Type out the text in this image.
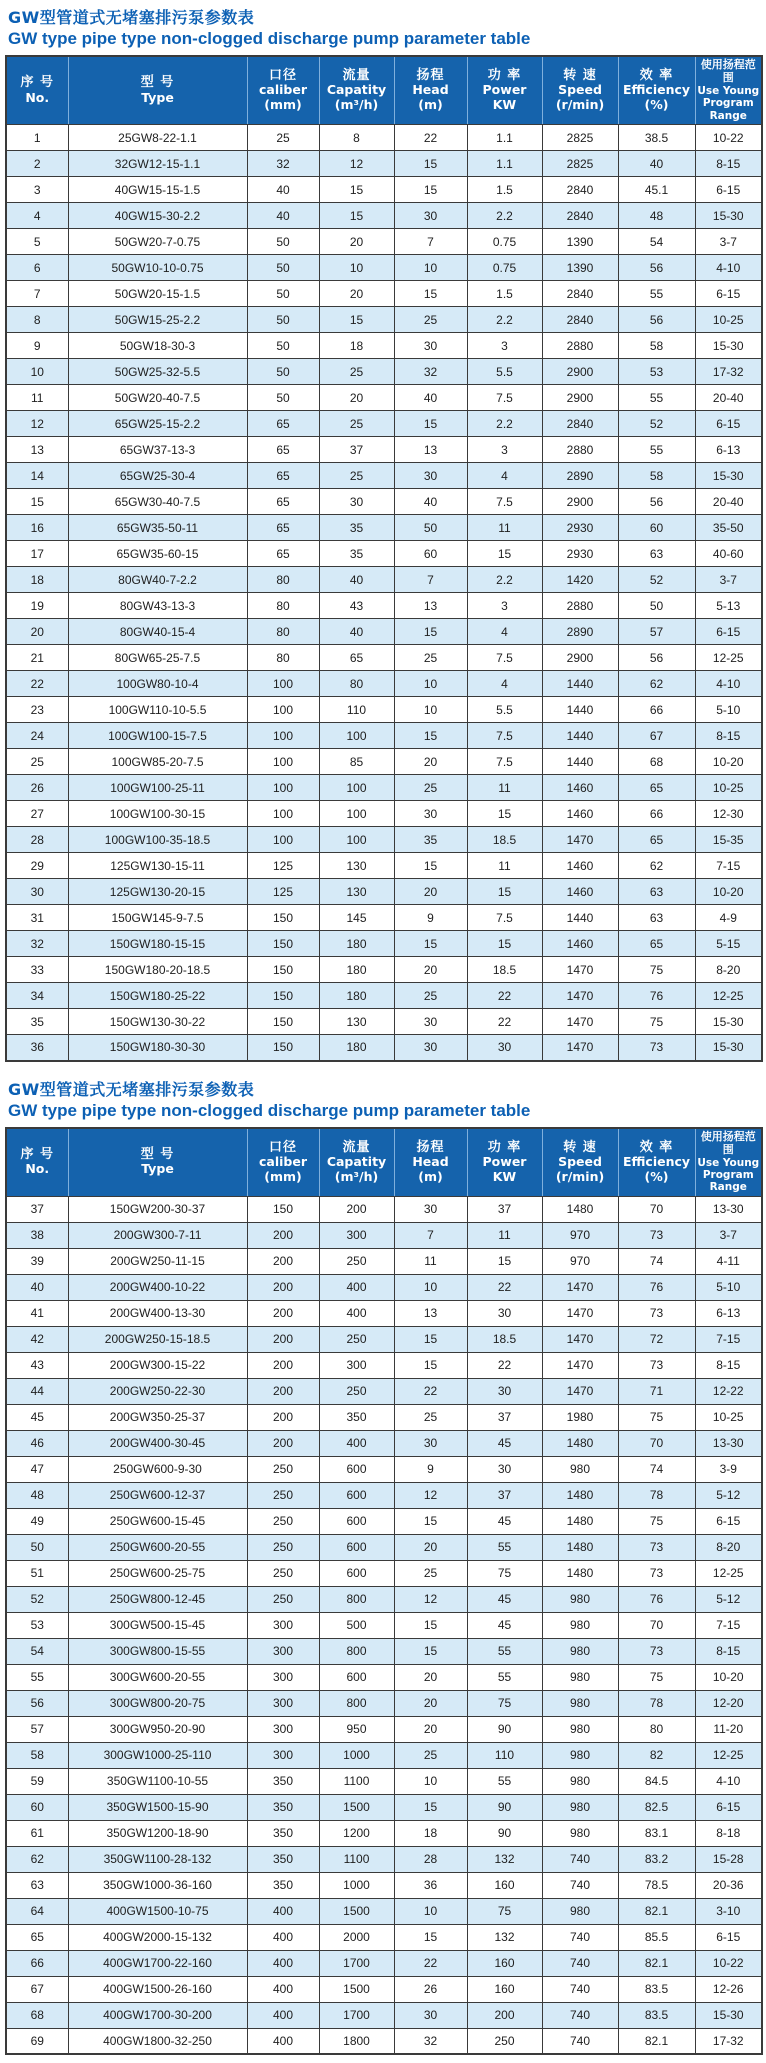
GW型管道式无堵塞排污泵参数表
GW type pipe type non-clogged discharge pump parameter table
序 号
No.

型 号
Type

口径
caliber
(mm)

流量
Capatity
(m³/h)

扬程
Head
(m)

功 率
Power
KW

转 速
Speed
(r/min)

效 率
Efficiency
(%)

使用扬程范围
Use Young
Program Range

1	25GW8-22-1.1	25	8	22	1.1	2825	38.5	10-22
2	32GW12-15-1.1	32	12	15	1.1	2825	40	8-15
3	40GW15-15-1.5	40	15	15	1.5	2840	45.1	6-15
4	40GW15-30-2.2	40	15	30	2.2	2840	48	15-30
5	50GW20-7-0.75	50	20	7	0.75	1390	54	3-7
6	50GW10-10-0.75	50	10	10	0.75	1390	56	4-10
7	50GW20-15-1.5	50	20	15	1.5	2840	55	6-15
8	50GW15-25-2.2	50	15	25	2.2	2840	56	10-25
9	50GW18-30-3	50	18	30	3	2880	58	15-30
10	50GW25-32-5.5	50	25	32	5.5	2900	53	17-32
11	50GW20-40-7.5	50	20	40	7.5	2900	55	20-40
12	65GW25-15-2.2	65	25	15	2.2	2840	52	6-15
13	65GW37-13-3	65	37	13	3	2880	55	6-13
14	65GW25-30-4	65	25	30	4	2890	58	15-30
15	65GW30-40-7.5	65	30	40	7.5	2900	56	20-40
16	65GW35-50-11	65	35	50	11	2930	60	35-50
17	65GW35-60-15	65	35	60	15	2930	63	40-60
18	80GW40-7-2.2	80	40	7	2.2	1420	52	3-7
19	80GW43-13-3	80	43	13	3	2880	50	5-13
20	80GW40-15-4	80	40	15	4	2890	57	6-15
21	80GW65-25-7.5	80	65	25	7.5	2900	56	12-25
22	100GW80-10-4	100	80	10	4	1440	62	4-10
23	100GW110-10-5.5	100	110	10	5.5	1440	66	5-10
24	100GW100-15-7.5	100	100	15	7.5	1440	67	8-15
25	100GW85-20-7.5	100	85	20	7.5	1440	68	10-20
26	100GW100-25-11	100	100	25	11	1460	65	10-25
27	100GW100-30-15	100	100	30	15	1460	66	12-30
28	100GW100-35-18.5	100	100	35	18.5	1470	65	15-35
29	125GW130-15-11	125	130	15	11	1460	62	7-15
30	125GW130-20-15	125	130	20	15	1460	63	10-20
31	150GW145-9-7.5	150	145	9	7.5	1440	63	4-9
32	150GW180-15-15	150	180	15	15	1460	65	5-15
33	150GW180-20-18.5	150	180	20	18.5	1470	75	8-20
34	150GW180-25-22	150	180	25	22	1470	76	12-25
35	150GW130-30-22	150	130	30	22	1470	75	15-30
36	150GW180-30-30	150	180	30	30	1470	73	15-30
GW型管道式无堵塞排污泵参数表
GW type pipe type non-clogged discharge pump parameter table
序 号
No.

型 号
Type

口径
caliber
(mm)

流量
Capatity
(m³/h)

扬程
Head
(m)

功 率
Power
KW

转 速
Speed
(r/min)

效 率
Efficiency
(%)

使用扬程范围
Use Young
Program Range

37	150GW200-30-37	150	200	30	37	1480	70	13-30
38	200GW300-7-11	200	300	7	11	970	73	3-7
39	200GW250-11-15	200	250	11	15	970	74	4-11
40	200GW400-10-22	200	400	10	22	1470	76	5-10
41	200GW400-13-30	200	400	13	30	1470	73	6-13
42	200GW250-15-18.5	200	250	15	18.5	1470	72	7-15
43	200GW300-15-22	200	300	15	22	1470	73	8-15
44	200GW250-22-30	200	250	22	30	1470	71	12-22
45	200GW350-25-37	200	350	25	37	1980	75	10-25
46	200GW400-30-45	200	400	30	45	1480	70	13-30
47	250GW600-9-30	250	600	9	30	980	74	3-9
48	250GW600-12-37	250	600	12	37	1480	78	5-12
49	250GW600-15-45	250	600	15	45	1480	75	6-15
50	250GW600-20-55	250	600	20	55	1480	73	8-20
51	250GW600-25-75	250	600	25	75	1480	73	12-25
52	250GW800-12-45	250	800	12	45	980	76	5-12
53	300GW500-15-45	300	500	15	45	980	70	7-15
54	300GW800-15-55	300	800	15	55	980	73	8-15
55	300GW600-20-55	300	600	20	55	980	75	10-20
56	300GW800-20-75	300	800	20	75	980	78	12-20
57	300GW950-20-90	300	950	20	90	980	80	11-20
58	300GW1000-25-110	300	1000	25	110	980	82	12-25
59	350GW1100-10-55	350	1100	10	55	980	84.5	4-10
60	350GW1500-15-90	350	1500	15	90	980	82.5	6-15
61	350GW1200-18-90	350	1200	18	90	980	83.1	8-18
62	350GW1100-28-132	350	1100	28	132	740	83.2	15-28
63	350GW1000-36-160	350	1000	36	160	740	78.5	20-36
64	400GW1500-10-75	400	1500	10	75	980	82.1	3-10
65	400GW2000-15-132	400	2000	15	132	740	85.5	6-15
66	400GW1700-22-160	400	1700	22	160	740	82.1	10-22
67	400GW1500-26-160	400	1500	26	160	740	83.5	12-26
68	400GW1700-30-200	400	1700	30	200	740	83.5	15-30
69	400GW1800-32-250	400	1800	32	250	740	82.1	17-32
